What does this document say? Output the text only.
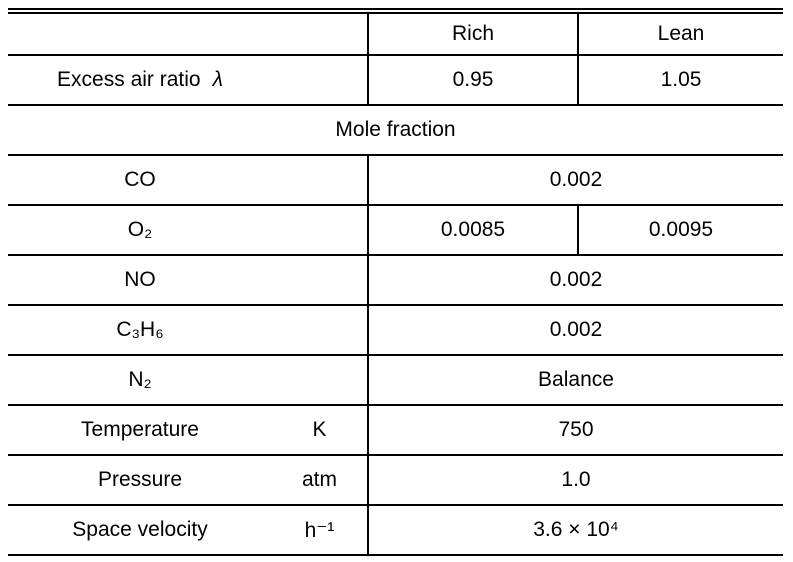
		Rich	Lean
Excess air ratio λ		0.95	1.05
Mole fraction			
CO		0.002	
O₂		0.0085	0.0095
NO		0.002	
C₃H₆		0.002	
N₂		Balance	
Temperature	K	750	
Pressure	atm	1.0	
Space velocity	h⁻¹	3.6 × 10⁴	
